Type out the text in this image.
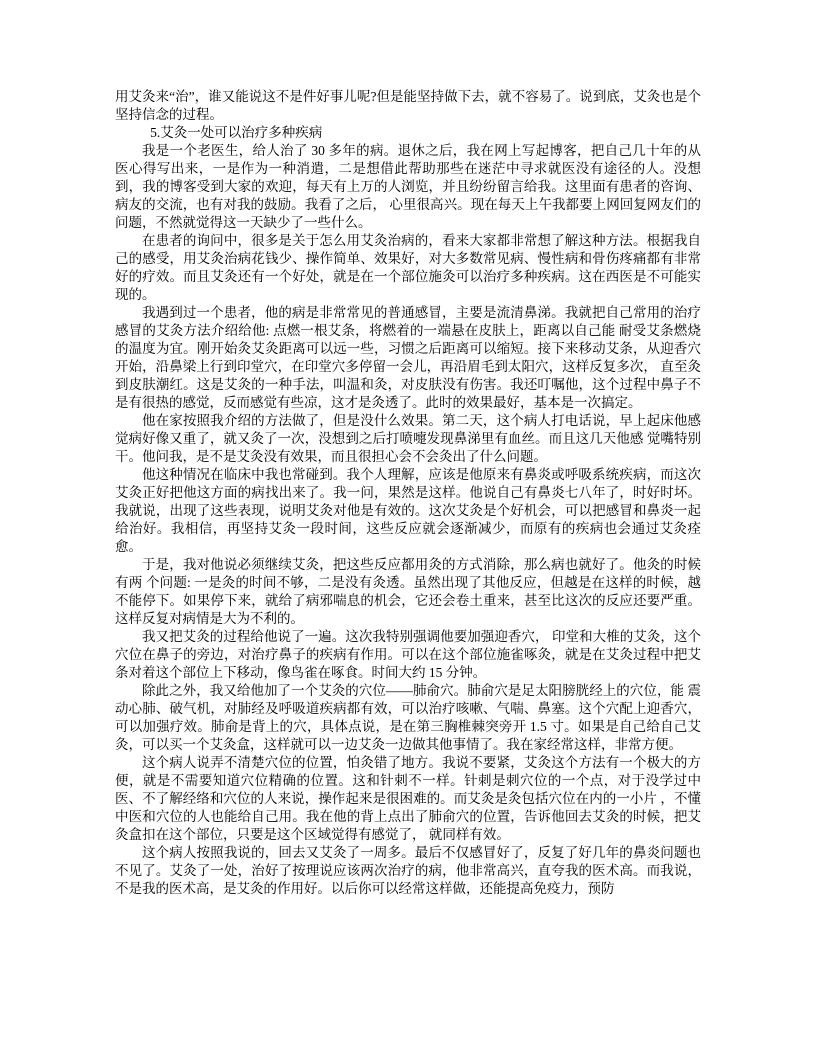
用艾灸来“治”，谁又能说这不是件好事儿呢?但是能坚持做下去，就不容易了。说到底，艾灸也是个坚持信念的过程。

5.艾灸一处可以治疗多种疾病

我是一个老医生，给人治了 30 多年的病。退休之后，我在网上写起博客，把自己几十年的从医心得写出来，一是作为一种消遣，二是想借此帮助那些在迷茫中寻求就医没有途径的人。没想到，我的博客受到大家的欢迎，每天有上万的人浏览，并且纷纷留言给我。这里面有患者的咨询、病友的交流，也有对我的鼓励。我看了之后， 心里很高兴。现在每天上午我都要上网回复网友们的问题，不然就觉得这一天缺少了一些什么。

在患者的询问中，很多是关于怎么用艾灸治病的，看来大家都非常想了解这种方法。根据我自己的感受，用艾灸治病花钱少、操作简单、效果好，对大多数常见病、慢性病和骨伤疼痛都有非常好的疗效。而且艾灸还有一个好处，就是在一个部位施灸可以治疗多种疾病。这在西医是不可能实现的。

我遇到过一个患者，他的病是非常常见的普通感冒，主要是流清鼻涕。我就把自己常用的治疗感冒的艾灸方法介绍给他: 点燃一根艾条，将燃着的一端悬在皮肤上，距离以自己能 耐受艾条燃烧的温度为宜。刚开始灸艾灸距离可以远一些，习惯之后距离可以缩短。接下来移动艾条，从迎香穴开始，沿鼻梁上行到印堂穴，在印堂穴多停留一会儿，再沿眉毛到太阳穴，这样反复多次， 直至灸到皮肤潮红。这是艾灸的一种手法，叫温和灸，对皮肤没有伤害。我还叮嘱他，这个过程中鼻子不是有很热的感觉，反而感觉有些凉，这才是灸透了。此时的效果最好，基本是一次搞定。

他在家按照我介绍的方法做了，但是没什么效果。第二天，这个病人打电话说，早上起床他感觉病好像又重了，就又灸了一次，没想到之后打喷嚏发现鼻涕里有血丝。而且这几天他感 觉嘴特别干。他问我，是不是艾灸没有效果，而且很担心会不会灸出了什么问题。

他这种情况在临床中我也常碰到。我个人理解，应该是他原来有鼻炎或呼吸系统疾病，而这次艾灸正好把他这方面的病找出来了。我一问，果然是这样。他说自己有鼻炎七八年了，时好时坏。我就说，出现了这些表现，说明艾灸对他是有效的。这次艾灸是个好机会，可以把感冒和鼻炎一起给治好。我相信，再坚持艾灸一段时间，这些反应就会逐渐减少，而原有的疾病也会通过艾灸痊愈。

于是，我对他说必须继续艾灸，把这些反应都用灸的方式消除，那么病也就好了。他灸的时候有两 个问题: 一是灸的时间不够，二是没有灸透。虽然出现了其他反应，但越是在这样的时候，越不能停下。如果停下来，就给了病邪喘息的机会，它还会卷土重来，甚至比这次的反应还要严重。这样反复对病情是大为不利的。

我又把艾灸的过程给他说了一遍。这次我特别强调他要加强迎香穴， 印堂和大椎的艾灸，这个穴位在鼻子的旁边，对治疗鼻子的疾病有作用。可以在这个部位施雀啄灸，就是在艾灸过程中把艾条对着这个部位上下移动，像鸟雀在啄食。时间大约 15 分钟。

除此之外，我又给他加了一个艾灸的穴位——肺俞穴。肺俞穴是足太阳膀胱经上的穴位，能 震动心肺、破气机，对肺经及呼吸道疾病都有效，可以治疗咳嗽、气喘、鼻塞。这个穴配上迎香穴，可以加强疗效。肺俞是背上的穴，具体点说，是在第三胸椎棘突旁开 1.5 寸。如果是自己给自己艾灸，可以买一个艾灸盒，这样就可以一边艾灸一边做其他事情了。我在家经常这样，非常方便。

这个病人说弄不清楚穴位的位置，怕灸错了地方。我说不要紧，艾灸这个方法有一个极大的方便，就是不需要知道穴位精确的位置。这和针刺不一样。针刺是刺穴位的一个点，对于没学过中医、不了解经络和穴位的人来说，操作起来是很困难的。而艾灸是灸包括穴位在内的一小片 ，不懂中医和穴位的人也能给自己用。我在他的背上点出了肺俞穴的位置，告诉他回去艾灸的时候，把艾灸盒扣在这个部位，只要是这个区域觉得有感觉了， 就同样有效。

这个病人按照我说的，回去又艾灸了一周多。最后不仅感冒好了，反复了好几年的鼻炎问题也不见了。艾灸了一处，治好了按理说应该两次治疗的病，他非常高兴，直夸我的医术高。而我说，不是我的医术高，是艾灸的作用好。以后你可以经常这样做，还能提高免疫力，预防
